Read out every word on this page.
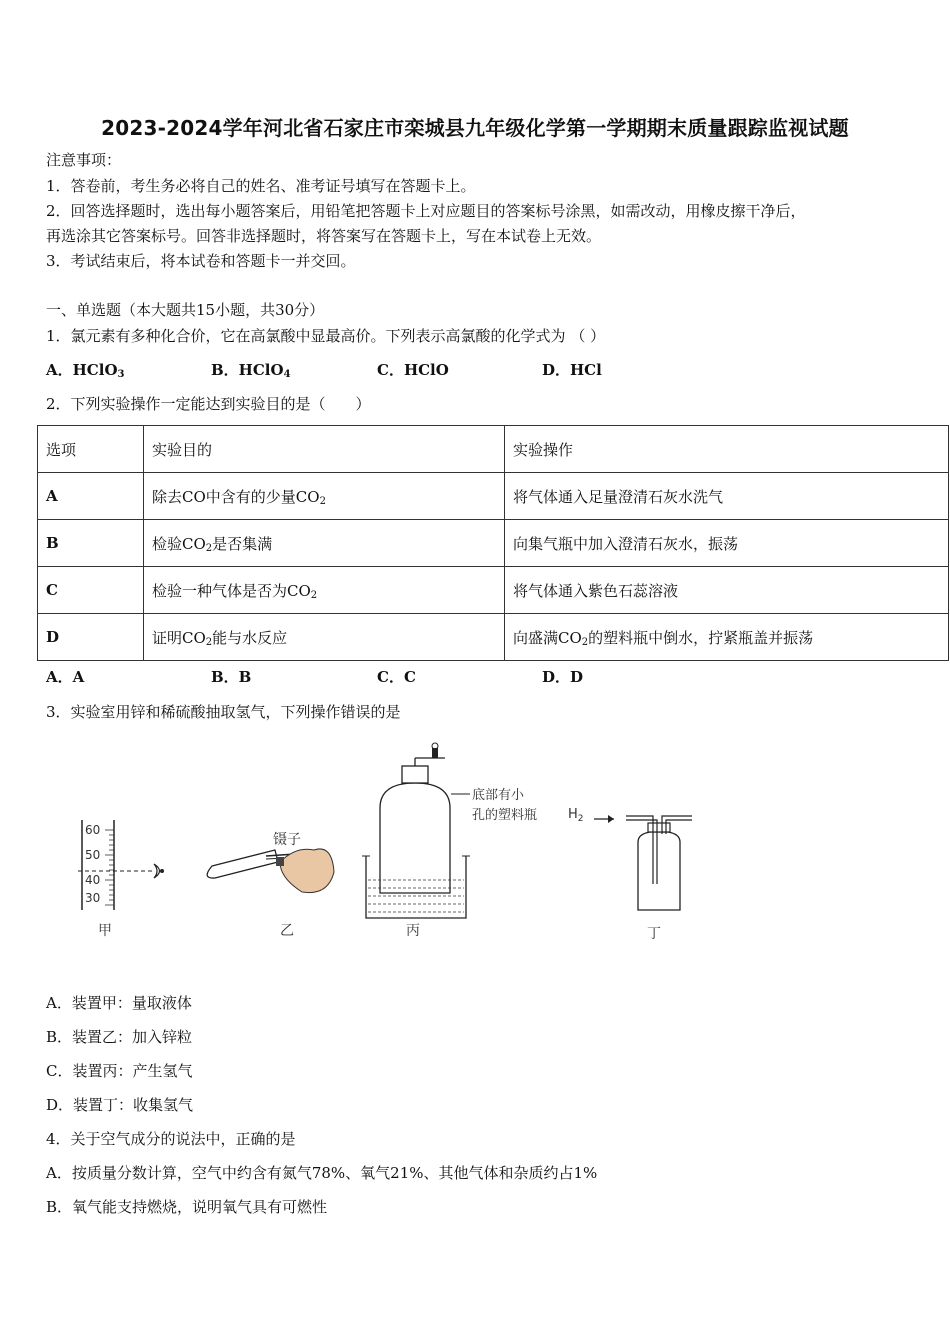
2023-2024学年河北省石家庄市栾城县九年级化学第一学期期末质量跟踪监视试题
注意事项：
1．答卷前，考生务必将自己的姓名、准考证号填写在答题卡上。
2．回答选择题时，选出每小题答案后，用铅笔把答题卡上对应题目的答案标号涂黑，如需改动，用橡皮擦干净后，
再选涂其它答案标号。回答非选择题时，将答案写在答题卡上，写在本试卷上无效。
3．考试结束后，将本试卷和答题卡一并交回。
一、单选题（本大题共15小题，共30分）
1．氯元素有多种化合价，它在高氯酸中显最高价。下列表示高氯酸的化学式为 （ ）
A．HClO$_3$	B．HClO$_4$	C．HClO	D．HCl
2．下列实验操作一定能达到实验目的是（　　）
选项	实验目的	实验操作
A	除去CO中含有的少量$CO_2$	将气体通入足量澄清石灰水洗气
B	检验$CO_2$是否集满	向集气瓶中加入澄清石灰水，振荡
C	检验一种气体是否为$CO_2$	将气体通入紫色石蕊溶液
D	证明$CO_2$能与水反应	向盛满$CO_2$的塑料瓶中倒水，拧紧瓶盖并振荡
A．A	B．B	C．C	D．D
3．实验室用锌和稀硫酸抽取氢气，下列操作错误的是
60
50
40
30
镊子
底部有小
孔的塑料瓶 $H_2$
甲	乙	丙	丁
A．装置甲：量取液体
B．装置乙：加入锌粒
C．装置丙：产生氢气
D．装置丁：收集氢气
4．关于空气成分的说法中，正确的是
A．按质量分数计算，空气中约含有氮气78%、氧气21%、其他气体和杂质约占1%
B．氧气能支持燃烧，说明氧气具有可燃性
